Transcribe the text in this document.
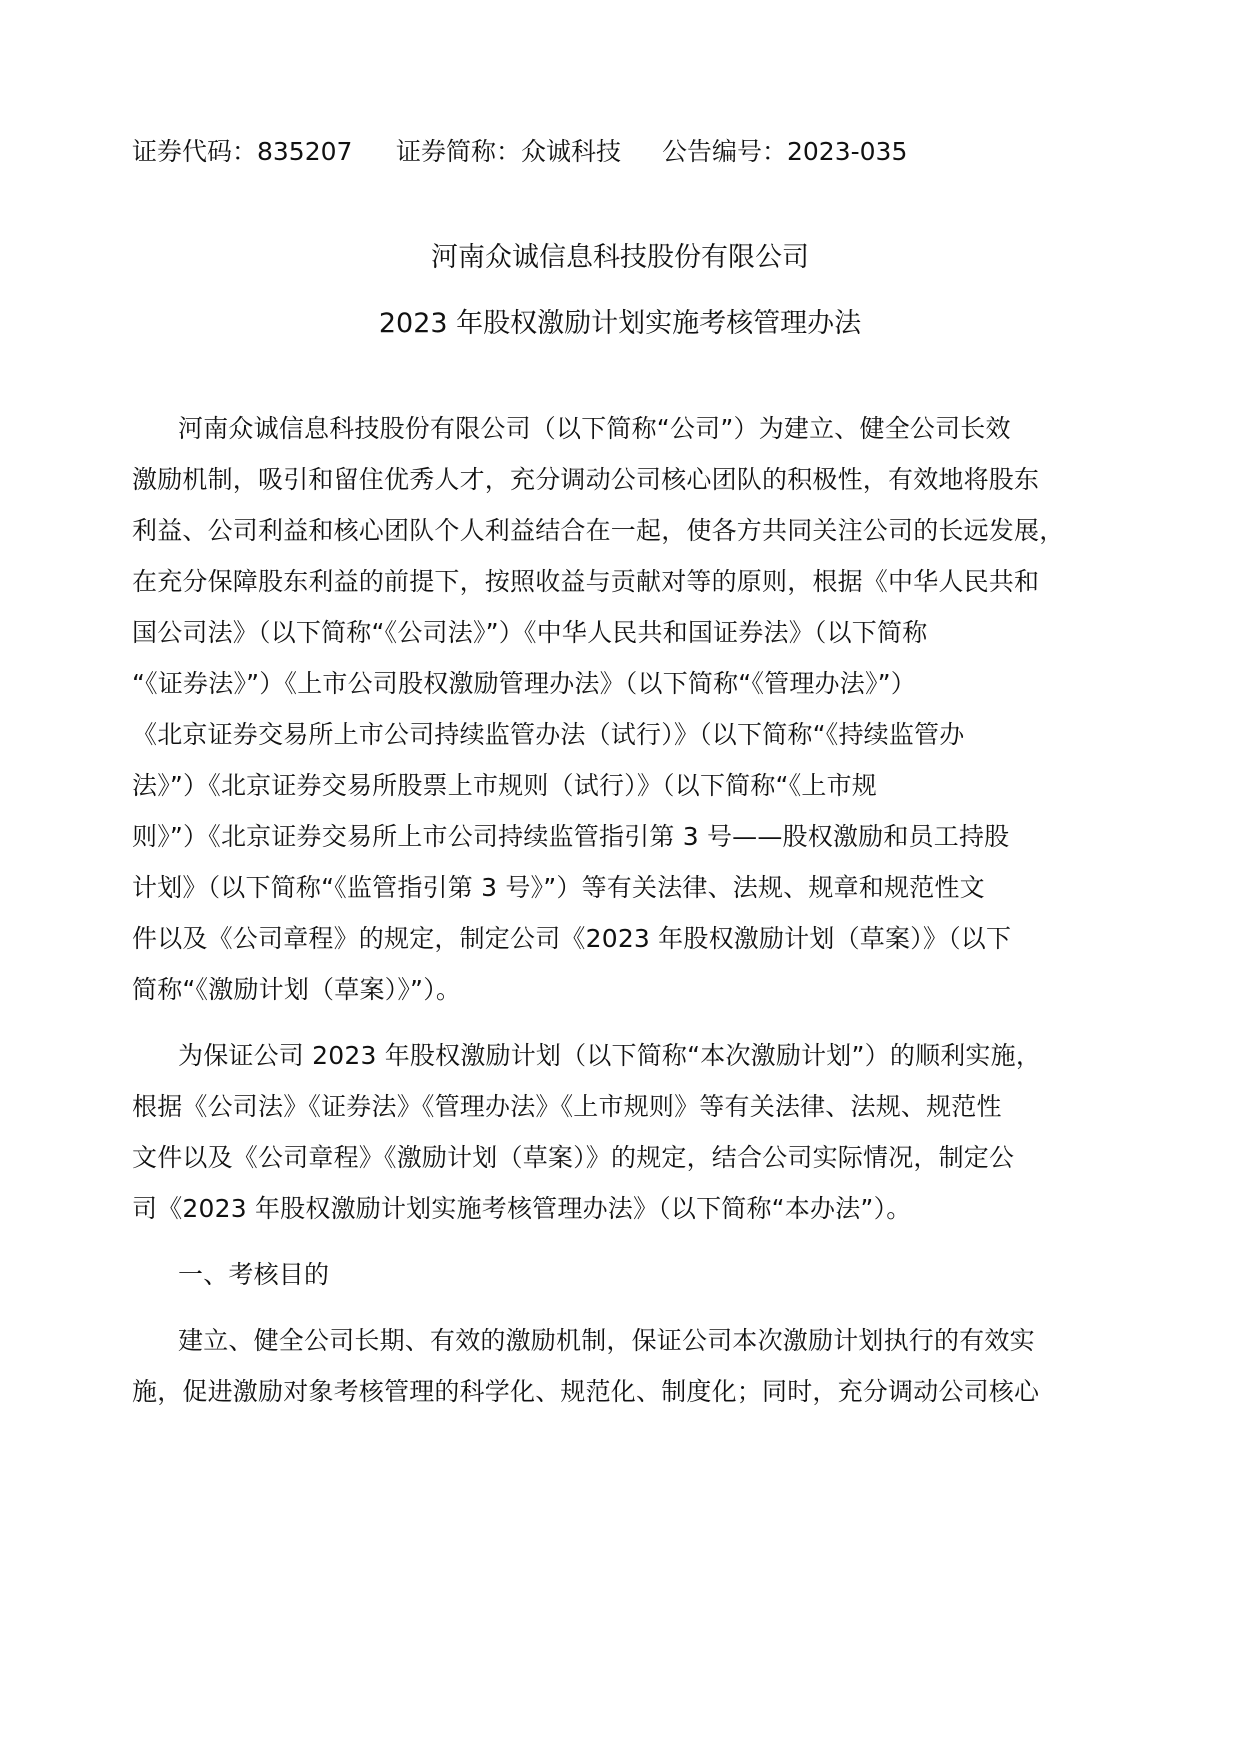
证券代码：835207 证券简称：众诚科技 公告编号：2023-035
河南众诚信息科技股份有限公司
2023 年股权激励计划实施考核管理办法
河南众诚信息科技股份有限公司（以下简称“公司”）为建立、健全公司长效
激励机制，吸引和留住优秀人才，充分调动公司核心团队的积极性，有效地将股东
利益、公司利益和核心团队个人利益结合在一起，使各方共同关注公司的长远发展，
在充分保障股东利益的前提下，按照收益与贡献对等的原则，根据《中华人民共和
国公司法》（以下简称“《公司法》”）《中华人民共和国证券法》（以下简称
“《证券法》”）《上市公司股权激励管理办法》（以下简称“《管理办法》”）
《北京证券交易所上市公司持续监管办法（试行）》（以下简称“《持续监管办
法》”）《北京证券交易所股票上市规则（试行）》（以下简称“《上市规
则》”）《北京证券交易所上市公司持续监管指引第 3 号——股权激励和员工持股
计划》（以下简称“《监管指引第 3 号》”）等有关法律、法规、规章和规范性文
件以及《公司章程》的规定，制定公司《2023 年股权激励计划（草案）》（以下
简称“《激励计划（草案）》”）。
为保证公司 2023 年股权激励计划（以下简称“本次激励计划”）的顺利实施，
根据《公司法》《证券法》《管理办法》《上市规则》等有关法律、法规、规范性
文件以及《公司章程》《激励计划（草案）》的规定，结合公司实际情况，制定公
司《2023 年股权激励计划实施考核管理办法》（以下简称“本办法”）。
一、考核目的
建立、健全公司长期、有效的激励机制，保证公司本次激励计划执行的有效实
施，促进激励对象考核管理的科学化、规范化、制度化；同时，充分调动公司核心
